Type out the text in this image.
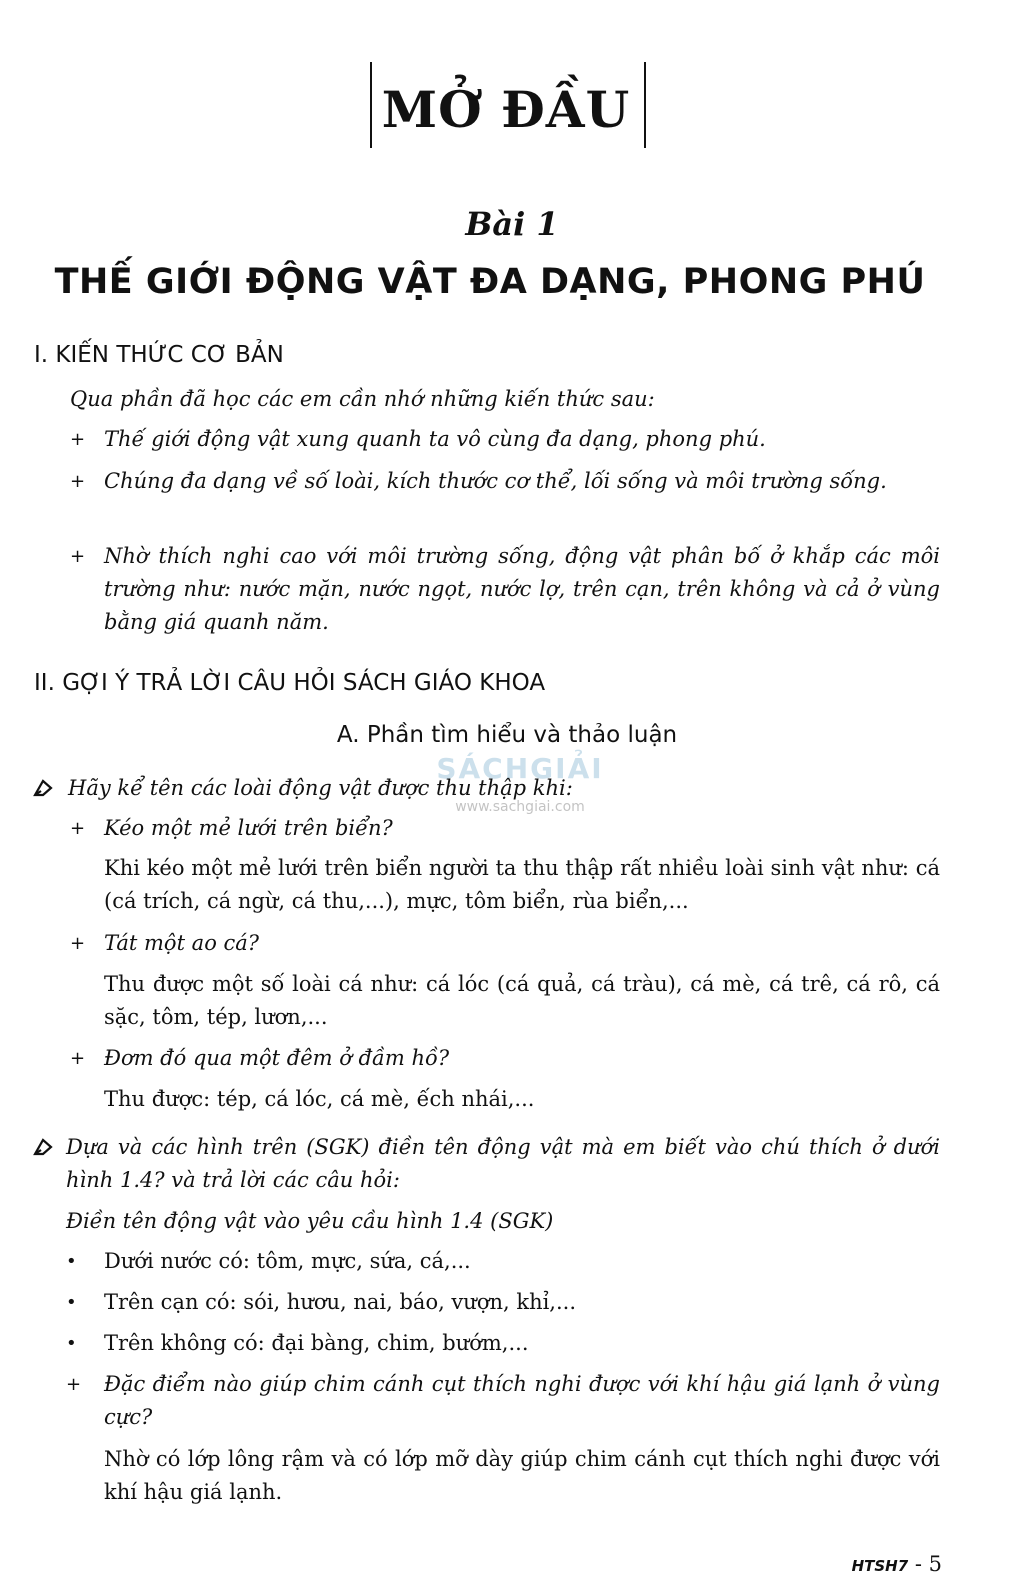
MỞ ĐẦU
Bài 1
THẾ GIỚI ĐỘNG VẬT ĐA DẠNG, PHONG PHÚ
I. KIẾN THỨC CƠ BẢN
Qua phần đã học các em cần nhớ những kiến thức sau:
+ Thế giới động vật xung quanh ta vô cùng đa dạng, phong phú.
+ Chúng đa dạng về số loài, kích thước cơ thể, lối sống và môi trường sống.
+ Nhờ thích nghi cao với môi trường sống, động vật phân bố ở khắp các môi trường như: nước mặn, nước ngọt, nước lợ, trên cạn, trên không và cả ở vùng bằng giá quanh năm.
II. GỢI Ý TRẢ LỜI CÂU HỎI SÁCH GIÁO KHOA
A. Phần tìm hiểu và thảo luận
Hãy kể tên các loài động vật được thu thập khi:
+ Kéo một mẻ lưới trên biển?
Khi kéo một mẻ lưới trên biển người ta thu thập rất nhiều loài sinh vật như: cá (cá trích, cá ngừ, cá thu,...), mực, tôm biển, rùa biển,...
+ Tát một ao cá?
Thu được một số loài cá như: cá lóc (cá quả, cá tràu), cá mè, cá trê, cá rô, cá sặc, tôm, tép, lươn,...
+ Đơm đó qua một đêm ở đầm hồ?
Thu được: tép, cá lóc, cá mè, ếch nhái,...
Dựa và các hình trên (SGK) điền tên động vật mà em biết vào chú thích ở dưới hình 1.4? và trả lời các câu hỏi:
Điền tên động vật vào yêu cầu hình 1.4 (SGK)
• Dưới nước có: tôm, mực, sứa, cá,...
• Trên cạn có: sói, hươu, nai, báo, vượn, khỉ,...
• Trên không có: đại bàng, chim, bướm,...
+ Đặc điểm nào giúp chim cánh cụt thích nghi được với khí hậu giá lạnh ở vùng cực?
Nhờ có lớp lông rậm và có lớp mỡ dày giúp chim cánh cụt thích nghi được với khí hậu giá lạnh.
SÁCHGIẢI
www.sachgiai.com
HTSH7 - 5
